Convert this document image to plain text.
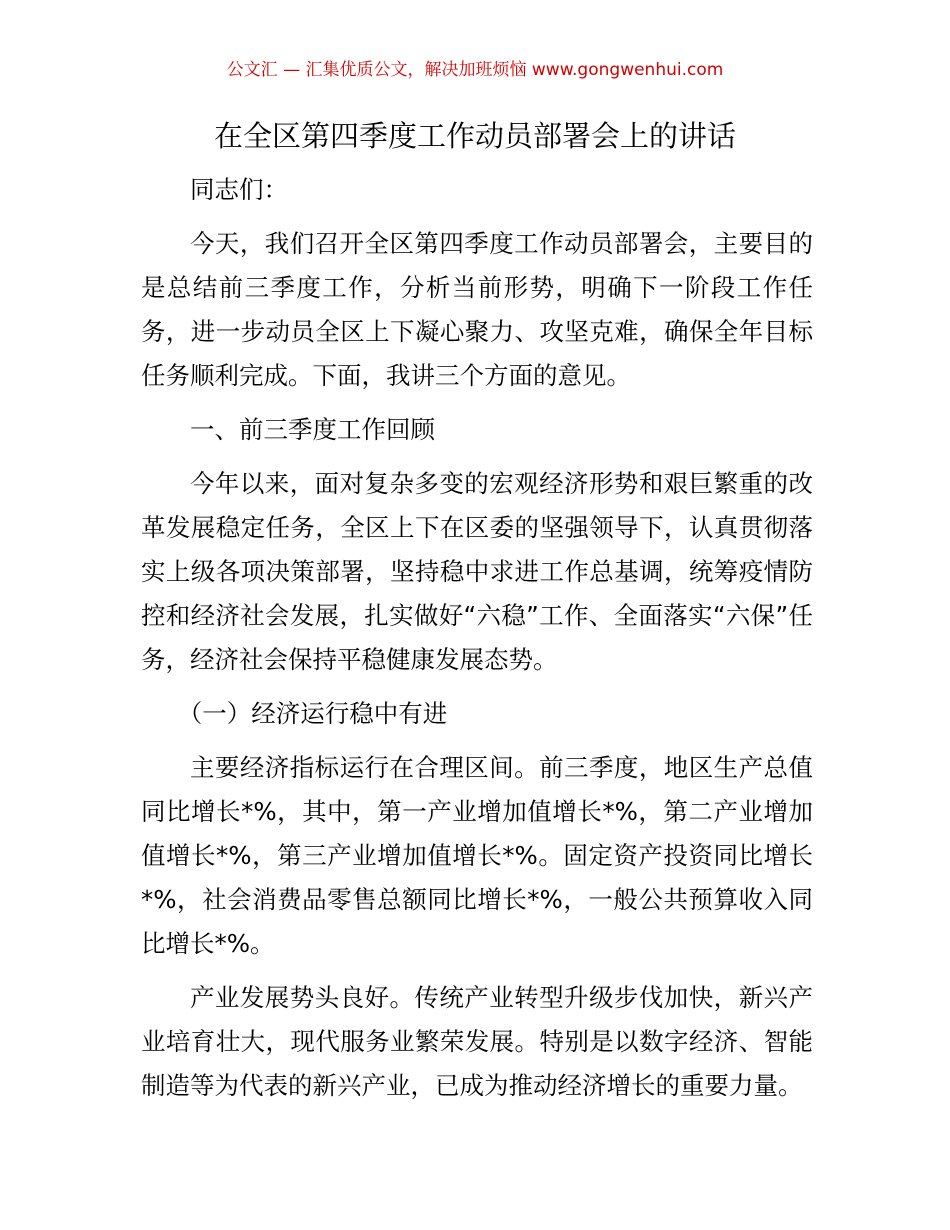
公文汇 — 汇集优质公文，解决加班烦恼 www.gongwenhui.com

在全区第四季度工作动员部署会上的讲话

同志们：

今天，我们召开全区第四季度工作动员部署会，主要目的是总结前三季度工作，分析当前形势，明确下一阶段工作任务，进一步动员全区上下凝心聚力、攻坚克难，确保全年目标任务顺利完成。下面，我讲三个方面的意见。

一、前三季度工作回顾

今年以来，面对复杂多变的宏观经济形势和艰巨繁重的改革发展稳定任务，全区上下在区委的坚强领导下，认真贯彻落实上级各项决策部署，坚持稳中求进工作总基调，统筹疫情防控和经济社会发展，扎实做好“六稳”工作、全面落实“六保”任务，经济社会保持平稳健康发展态势。

（一）经济运行稳中有进

主要经济指标运行在合理区间。前三季度，地区生产总值同比增长*%，其中，第一产业增加值增长*%，第二产业增加值增长*%，第三产业增加值增长*%。固定资产投资同比增长*%，社会消费品零售总额同比增长*%，一般公共预算收入同比增长*%。

产业发展势头良好。传统产业转型升级步伐加快，新兴产业培育壮大，现代服务业繁荣发展。特别是以数字经济、智能制造等为代表的新兴产业，已成为推动经济增长的重要力量。
